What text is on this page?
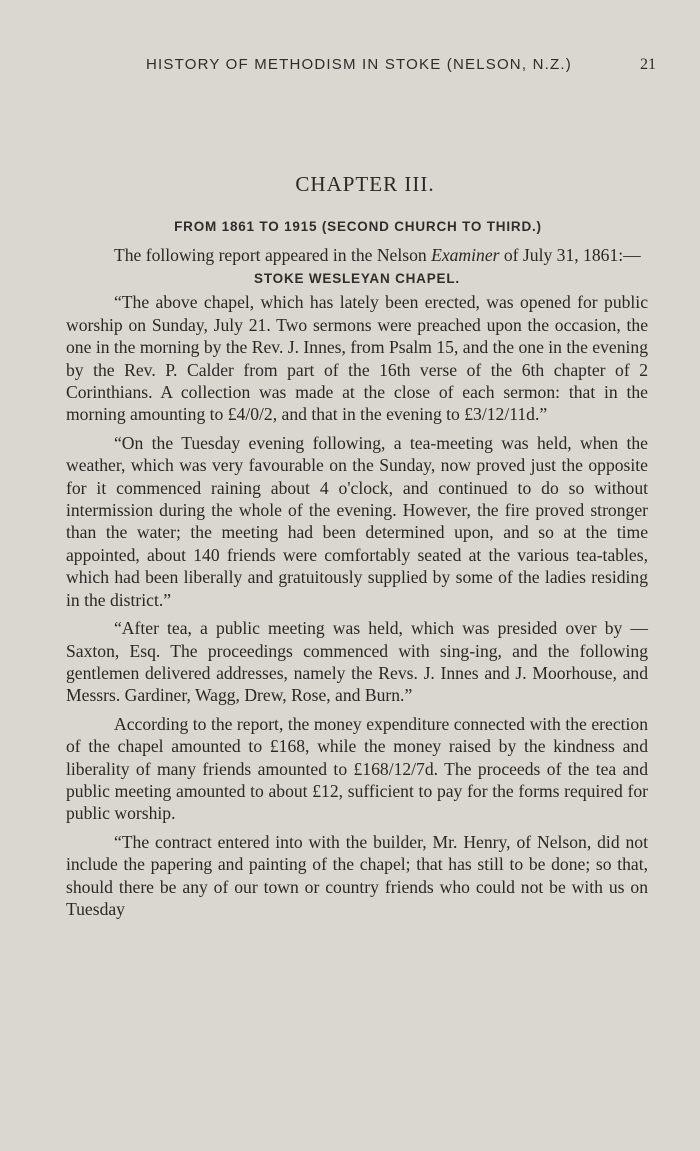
HISTORY OF METHODISM IN STOKE (NELSON, N.Z.)	21
CHAPTER III.
FROM 1861 TO 1915 (SECOND CHURCH TO THIRD.)

The following report appeared in the Nelson Examiner of July 31, 1861:—

STOKE WESLEYAN CHAPEL.

“The above chapel, which has lately been erected, was opened for public worship on Sunday, July 21. Two sermons were preached upon the occasion, the one in the morning by the Rev. J. Innes, from Psalm 15, and the one in the evening by the Rev. P. Calder from part of the 16th verse of the 6th chapter of 2 Corinthians. A collection was made at the close of each sermon: that in the morning amounting to £4/0/2, and that in the evening to £3/12/11d.”

“On the Tuesday evening following, a tea-meeting was held, when the weather, which was very favourable on the Sunday, now proved just the opposite for it commenced raining about 4 o'clock, and continued to do so without intermission during the whole of the evening. However, the fire proved stronger than the water; the meeting had been determined upon, and so at the time appointed, about 140 friends were comfortably seated at the various tea-tables, which had been liberally and gratuitously supplied by some of the ladies residing in the district.”

“After tea, a public meeting was held, which was presided over by — Saxton, Esq. The proceedings commenced with sing-ing, and the following gentlemen delivered addresses, namely the Revs. J. Innes and J. Moorhouse, and Messrs. Gardiner, Wagg, Drew, Rose, and Burn.”

According to the report, the money expenditure connected with the erection of the chapel amounted to £168, while the money raised by the kindness and liberality of many friends amounted to £168/12/7d. The proceeds of the tea and public meeting amounted to about £12, sufficient to pay for the forms required for public worship.

“The contract entered into with the builder, Mr. Henry, of Nelson, did not include the papering and painting of the chapel; that has still to be done; so that, should there be any of our town or country friends who could not be with us on Tuesday
